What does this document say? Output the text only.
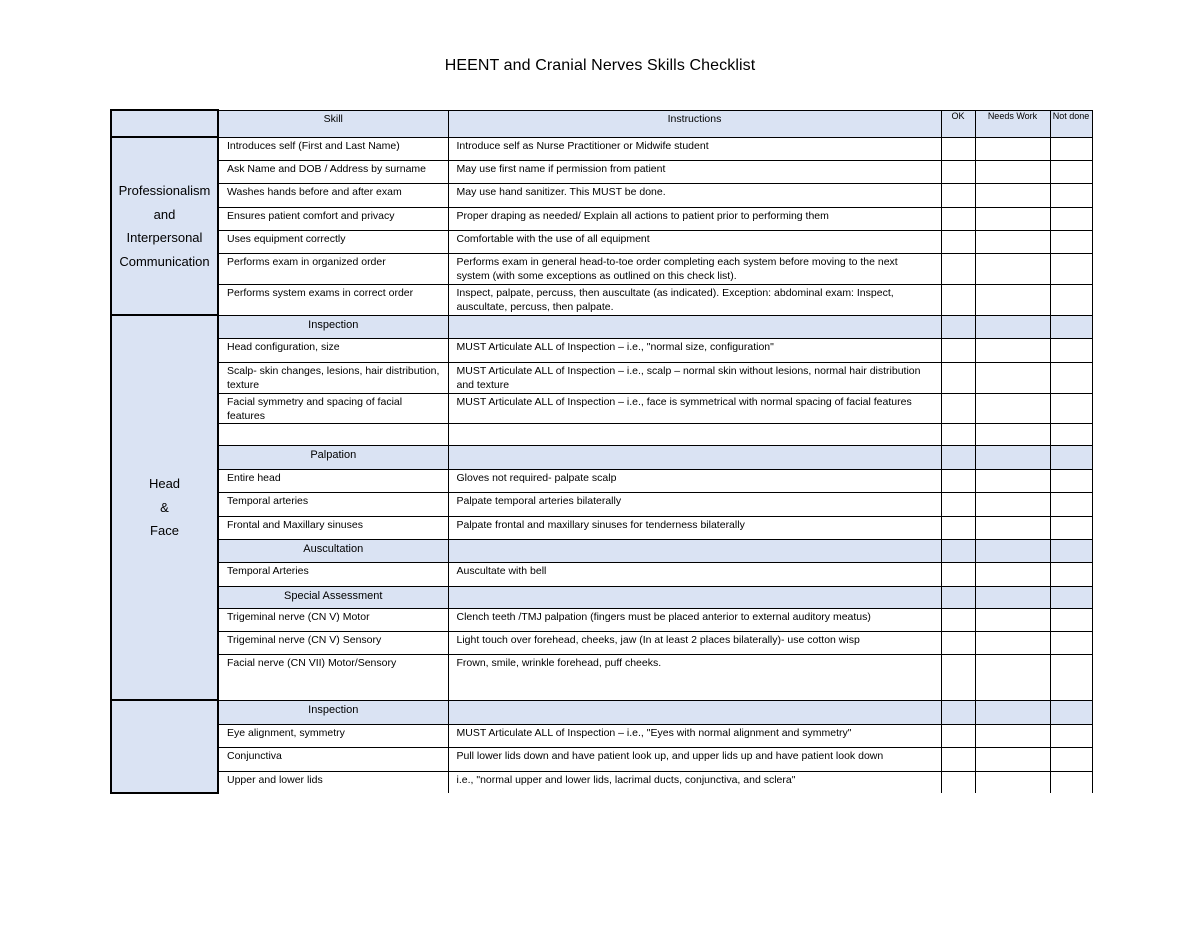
HEENT and Cranial Nerves Skills Checklist
	Skill	Instructions	OK	Needs Work	Not done

Professionalism
and
Interpersonal
Communication	Introduces self (First and Last Name)	Introduce self as Nurse Practitioner or Midwife student			
	Ask Name and DOB / Address by surname	May use first name if permission from patient			
	Washes hands before and after exam	May use hand sanitizer. This MUST be done.			
	Ensures patient comfort and privacy	Proper draping as needed/ Explain all actions to patient prior to performing them			
	Uses equipment correctly	Comfortable with the use of all equipment			
	Performs exam in organized order	Performs exam in general head-to-toe order completing each system before moving to the next system (with some exceptions as outlined on this check list).			
	Performs system exams in correct order	Inspect, palpate, percuss, then auscultate (as indicated). Exception: abdominal exam: Inspect, auscultate, percuss, then palpate.			

Head
&
Face	Inspection				
	Head configuration, size	MUST Articulate ALL of Inspection – i.e., "normal size, configuration"			
	Scalp- skin changes, lesions, hair distribution, texture	MUST Articulate ALL of Inspection – i.e., scalp – normal skin without lesions, normal hair distribution and texture			
	Facial symmetry and spacing of facial features	MUST Articulate ALL of Inspection – i.e., face is symmetrical with normal spacing of facial features			

	Palpation				
	Entire head	Gloves not required- palpate scalp			
	Temporal arteries	Palpate temporal arteries bilaterally			
	Frontal and Maxillary sinuses	Palpate frontal and maxillary sinuses for tenderness bilaterally			
	Auscultation				
	Temporal Arteries	Auscultate with bell			
	Special Assessment				
	Trigeminal nerve (CN V) Motor	Clench teeth /TMJ palpation (fingers must be placed anterior to external auditory meatus)			
	Trigeminal nerve (CN V) Sensory	Light touch over forehead, cheeks, jaw (In at least 2 places bilaterally)- use cotton wisp			
	Facial nerve (CN VII) Motor/Sensory	Frown, smile, wrinkle forehead, puff cheeks.			
	Inspection				
	Eye alignment, symmetry	MUST Articulate ALL of Inspection – i.e., "Eyes with normal alignment and symmetry"			
	Conjunctiva	Pull lower lids down and have patient look up, and upper lids up and have patient look down			
	Upper and lower lids	i.e., "normal upper and lower lids, lacrimal ducts, conjunctiva, and sclera"			
